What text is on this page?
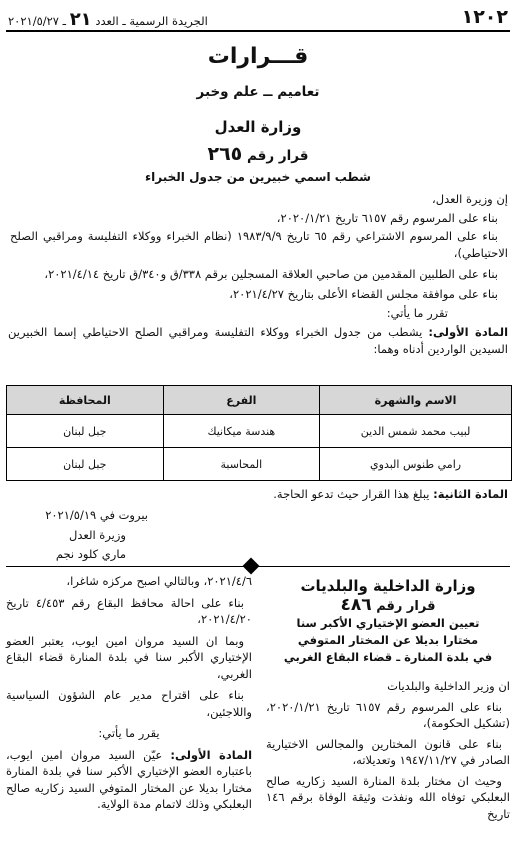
١٢٠٢
الجريدة الرسمية ـ العدد ٢١ ـ ٢٠٢١/٥/٢٧
قـــرارات
تعاميم ــ علم وخبر
وزارة العدل
قرار رقم ٢٦٥
شطب اسمي خبيرين من جدول الخبراء
إن وزيرة العدل،
بناء على المرسوم رقم ٦١٥٧ تاريخ ٢٠٢٠/١/٢١،
بناء على المرسوم الاشتراعي رقم ٦٥ تاريخ ١٩٨٣/٩/٩ (نظام الخبراء ووكلاء التفليسة ومراقبي الصلح الاحتياطي)،
بناء على الطلبين المقدمين من صاحبي العلاقة المسجلين برقم ٣٣٨/ق و٣٤٠/ق تاريخ ٢٠٢١/٤/١٤،
بناء على موافقة مجلس القضاء الأعلى بتاريخ ٢٠٢١/٤/٢٧،
تقرر ما يأتي:
المادة الأولى: يشطب من جدول الخبراء ووكلاء التفليسة ومراقبي الصلح الاحتياطي إسما الخبيرين السيدين الواردين أدناه وهما:
الاسم والشهرة	الفرع	المحافظة
لبيب محمد شمس الدين	هندسة ميكانيك	جبل لبنان
رامي طنوس البدوي	المحاسبة	جبل لبنان
المادة الثانية: يبلغ هذا القرار حيث تدعو الحاجة.
بيروت في ٢٠٢١/٥/١٩
وزيرة العدل
ماري كلود نجم
وزارة الداخلية والبلديات
قرار رقم ٤٨٦
تعيين العضو الإختياري الأكبر سنا
مختارا بديلا عن المختار المتوفي
في بلدة المنارة ـ قضاء البقاع الغربي

ان وزير الداخلية والبلديات

بناء على المرسوم رقم ٦١٥٧ تاريخ ٢٠٢٠/١/٢١، (تشكيل الحكومة)،

بناء على قانون المختارين والمجالس الاختيارية الصادر في ١٩٤٧/١١/٢٧ وتعديلاته،

وحيث ان مختار بلدة المنارة السيد زكاريه صالح البعلبكي توفاه الله ونفذت وثيقة الوفاة برقم ١٤٦ تاريخ

٢٠٢١/٤/٦، وبالتالي اصبح مركزه شاغرا،

بناء على احالة محافظ البقاع رقم ٤/٤٥٣ تاريخ ٢٠٢١/٤/٢٠،

وبما ان السيد مروان امين ايوب، يعتبر العضو الإختياري الأكبر سنا في بلدة المنارة قضاء البقاع الغربي،

بناء على اقتراح مدير عام الشؤون السياسية واللاجئين،

يقرر ما يأتي:

المادة الأولى: عيّن السيد مروان امين ايوب، باعتباره العضو الإختياري الأكبر سنا في بلدة المنارة مختارا بديلا عن المختار المتوفي السيد زكاريه صالح البعلبكي وذلك لاتمام مدة الولاية.
